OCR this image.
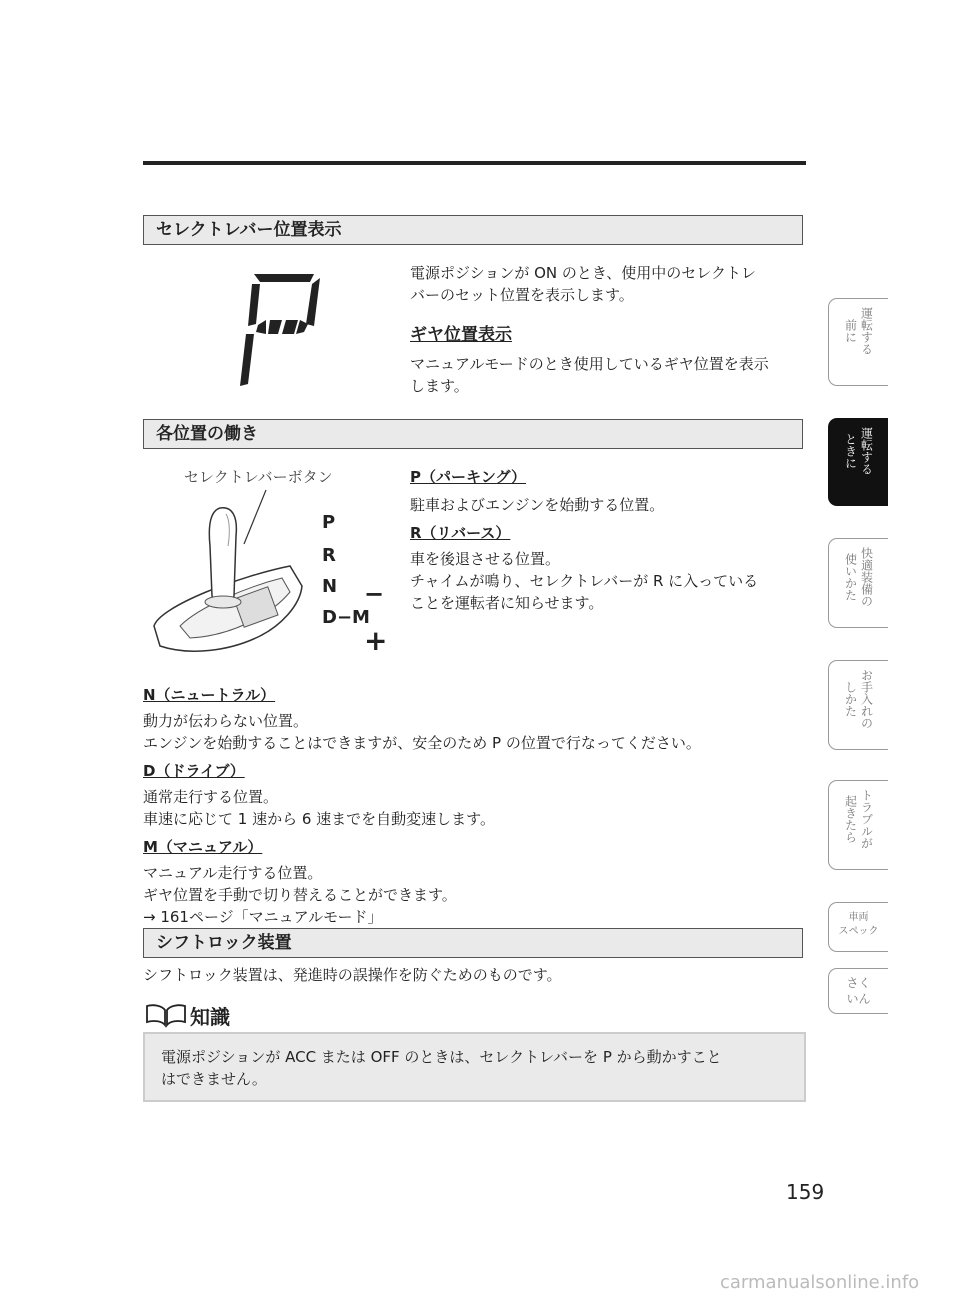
セレクトレバー位置表示

電源ポジションが ON のとき、使用中のセレクトレ

バーのセット位置を表示します。

ギヤ位置表示

マニュアルモードのとき使用しているギヤ位置を表示

します。

各位置の働き
セレクトレバーボタン
P
R
N
D−M
−
+

P（パーキング）

駐車およびエンジンを始動する位置。

R（リバース）

車を後退させる位置。

チャイムが鳴り、セレクトレバーが R に入っている

ことを運転者に知らせます。

N（ニュートラル）

動力が伝わらない位置。

エンジンを始動することはできますが、安全のため P の位置で行なってください。

D（ドライブ）

通常走行する位置。

車速に応じて 1 速から 6 速までを自動変速します。

M（マニュアル）

マニュアル走行する位置。

ギヤ位置を手動で切り替えることができます。

→ 161ページ「マニュアルモード」

シフトロック装置

シフトロック装置は、発進時の誤操作を防ぐためのものです。

知識

電源ポジションが ACC または OFF のときは、セレクトレバーを P から動かすこと

はできません。

運転する
前に
運転する
ときに
快適装備の
使いかた
お手入れの
しかた
トラブルが
起きたら
車両
スペック
さく
いん
159
carmanualsonline.info
